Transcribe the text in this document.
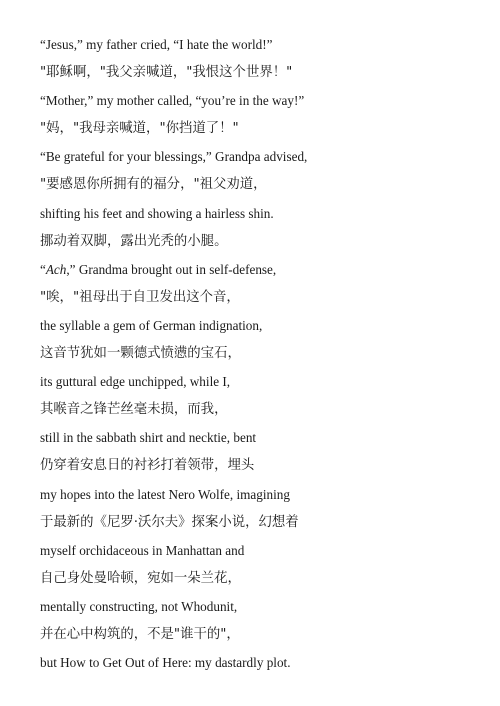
“Jesus,” my father cried, “I hate the world!”
"耶稣啊，"我父亲喊道，"我恨这个世界！"
“Mother,” my mother called, “you’re in the way!”
"妈，"我母亲喊道，"你挡道了！"
“Be grateful for your blessings,” Grandpa advised,
"要感恩你所拥有的福分，"祖父劝道，
shifting his feet and showing a hairless shin.
挪动着双脚，露出光秃的小腿。
“Ach,” Grandma brought out in self-defense,
"唉，"祖母出于自卫发出这个音，
the syllable a gem of German indignation,
这音节犹如一颗德式愤懑的宝石，
its guttural edge unchipped, while I,
其喉音之锋芒丝毫未损，而我，
still in the sabbath shirt and necktie, bent
仍穿着安息日的衬衫打着领带，埋头
my hopes into the latest Nero Wolfe, imagining
于最新的《尼罗·沃尔夫》探案小说，幻想着
myself orchidaceous in Manhattan and
自己身处曼哈顿，宛如一朵兰花，
mentally constructing, not Whodunit,
并在心中构筑的，不是"谁干的"，
but How to Get Out of Here: my dastardly plot.
